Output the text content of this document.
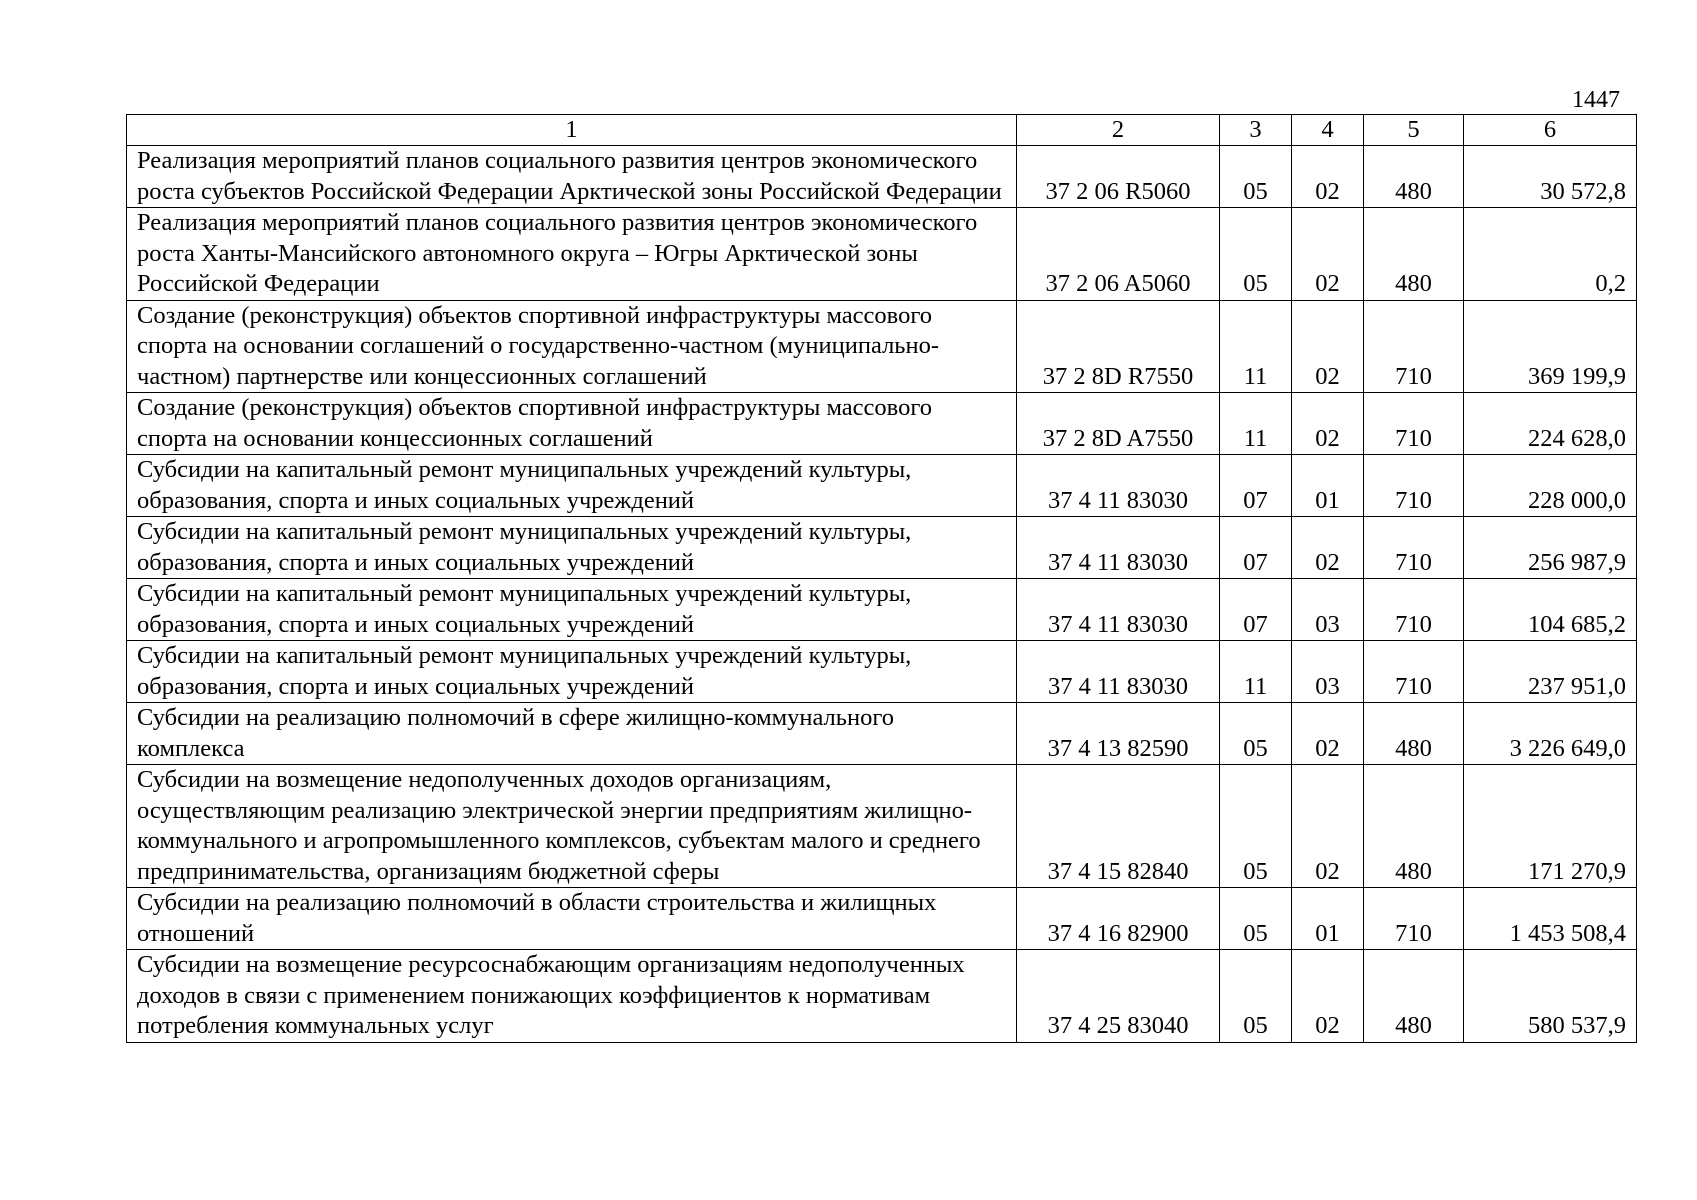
1447
1	2	3	4	5	6
Реализация мероприятий планов социального развития центров экономического роста субъектов Российской Федерации Арктической зоны Российской Федерации	37 2 06 R5060	05	02	480	30 572,8
Реализация мероприятий планов социального развития центров экономического роста Ханты-Мансийского автономного округа – Югры Арктической зоны Российской Федерации	37 2 06 A5060	05	02	480	0,2
Создание (реконструкция) объектов спортивной инфраструктуры массового спорта на основании соглашений о государственно-частном (муниципально-частном) партнерстве или концессионных соглашений	37 2 8D R7550	11	02	710	369 199,9
Создание (реконструкция) объектов спортивной инфраструктуры массового спорта на основании концессионных соглашений	37 2 8D A7550	11	02	710	224 628,0
Субсидии на капитальный ремонт муниципальных учреждений культуры, образования, спорта и иных социальных учреждений	37 4 11 83030	07	01	710	228 000,0
Субсидии на капитальный ремонт муниципальных учреждений культуры, образования, спорта и иных социальных учреждений	37 4 11 83030	07	02	710	256 987,9
Субсидии на капитальный ремонт муниципальных учреждений культуры, образования, спорта и иных социальных учреждений	37 4 11 83030	07	03	710	104 685,2
Субсидии на капитальный ремонт муниципальных учреждений культуры, образования, спорта и иных социальных учреждений	37 4 11 83030	11	03	710	237 951,0
Субсидии на реализацию полномочий в сфере жилищно-коммунального комплекса	37 4 13 82590	05	02	480	3 226 649,0
Субсидии на возмещение недополученных доходов организациям, осуществляющим реализацию электрической энергии предприятиям жилищно-коммунального и агропромышленного комплексов, субъектам малого и среднего предпринимательства, организациям бюджетной сферы	37 4 15 82840	05	02	480	171 270,9
Субсидии на реализацию полномочий в области строительства и жилищных отношений	37 4 16 82900	05	01	710	1 453 508,4
Субсидии на возмещение ресурсоснабжающим организациям недополученных доходов в связи с применением понижающих коэффициентов к нормативам потребления коммунальных услуг	37 4 25 83040	05	02	480	580 537,9
